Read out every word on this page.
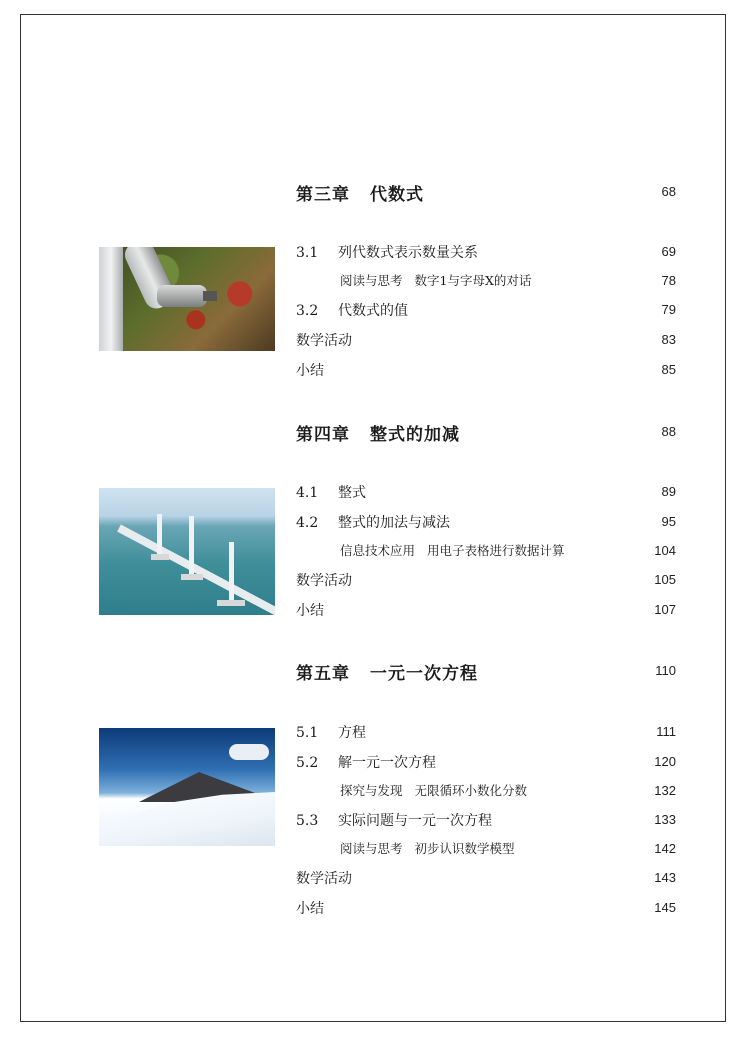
第三章 代数式	68
3.1 列代数式表示数量关系	69
阅读与思考 数字1与字母X的对话	78
3.2 代数式的值	79
数学活动	83
小结	85
第四章 整式的加减	88
4.1 整式	89
4.2 整式的加法与减法	95
信息技术应用 用电子表格进行数据计算	104
数学活动	105
小结	107
第五章 一元一次方程	110
5.1 方程	111
5.2 解一元一次方程	120
探究与发现 无限循环小数化分数	132
5.3 实际问题与一元一次方程	133
阅读与思考 初步认识数学模型	142
数学活动	143
小结	145
